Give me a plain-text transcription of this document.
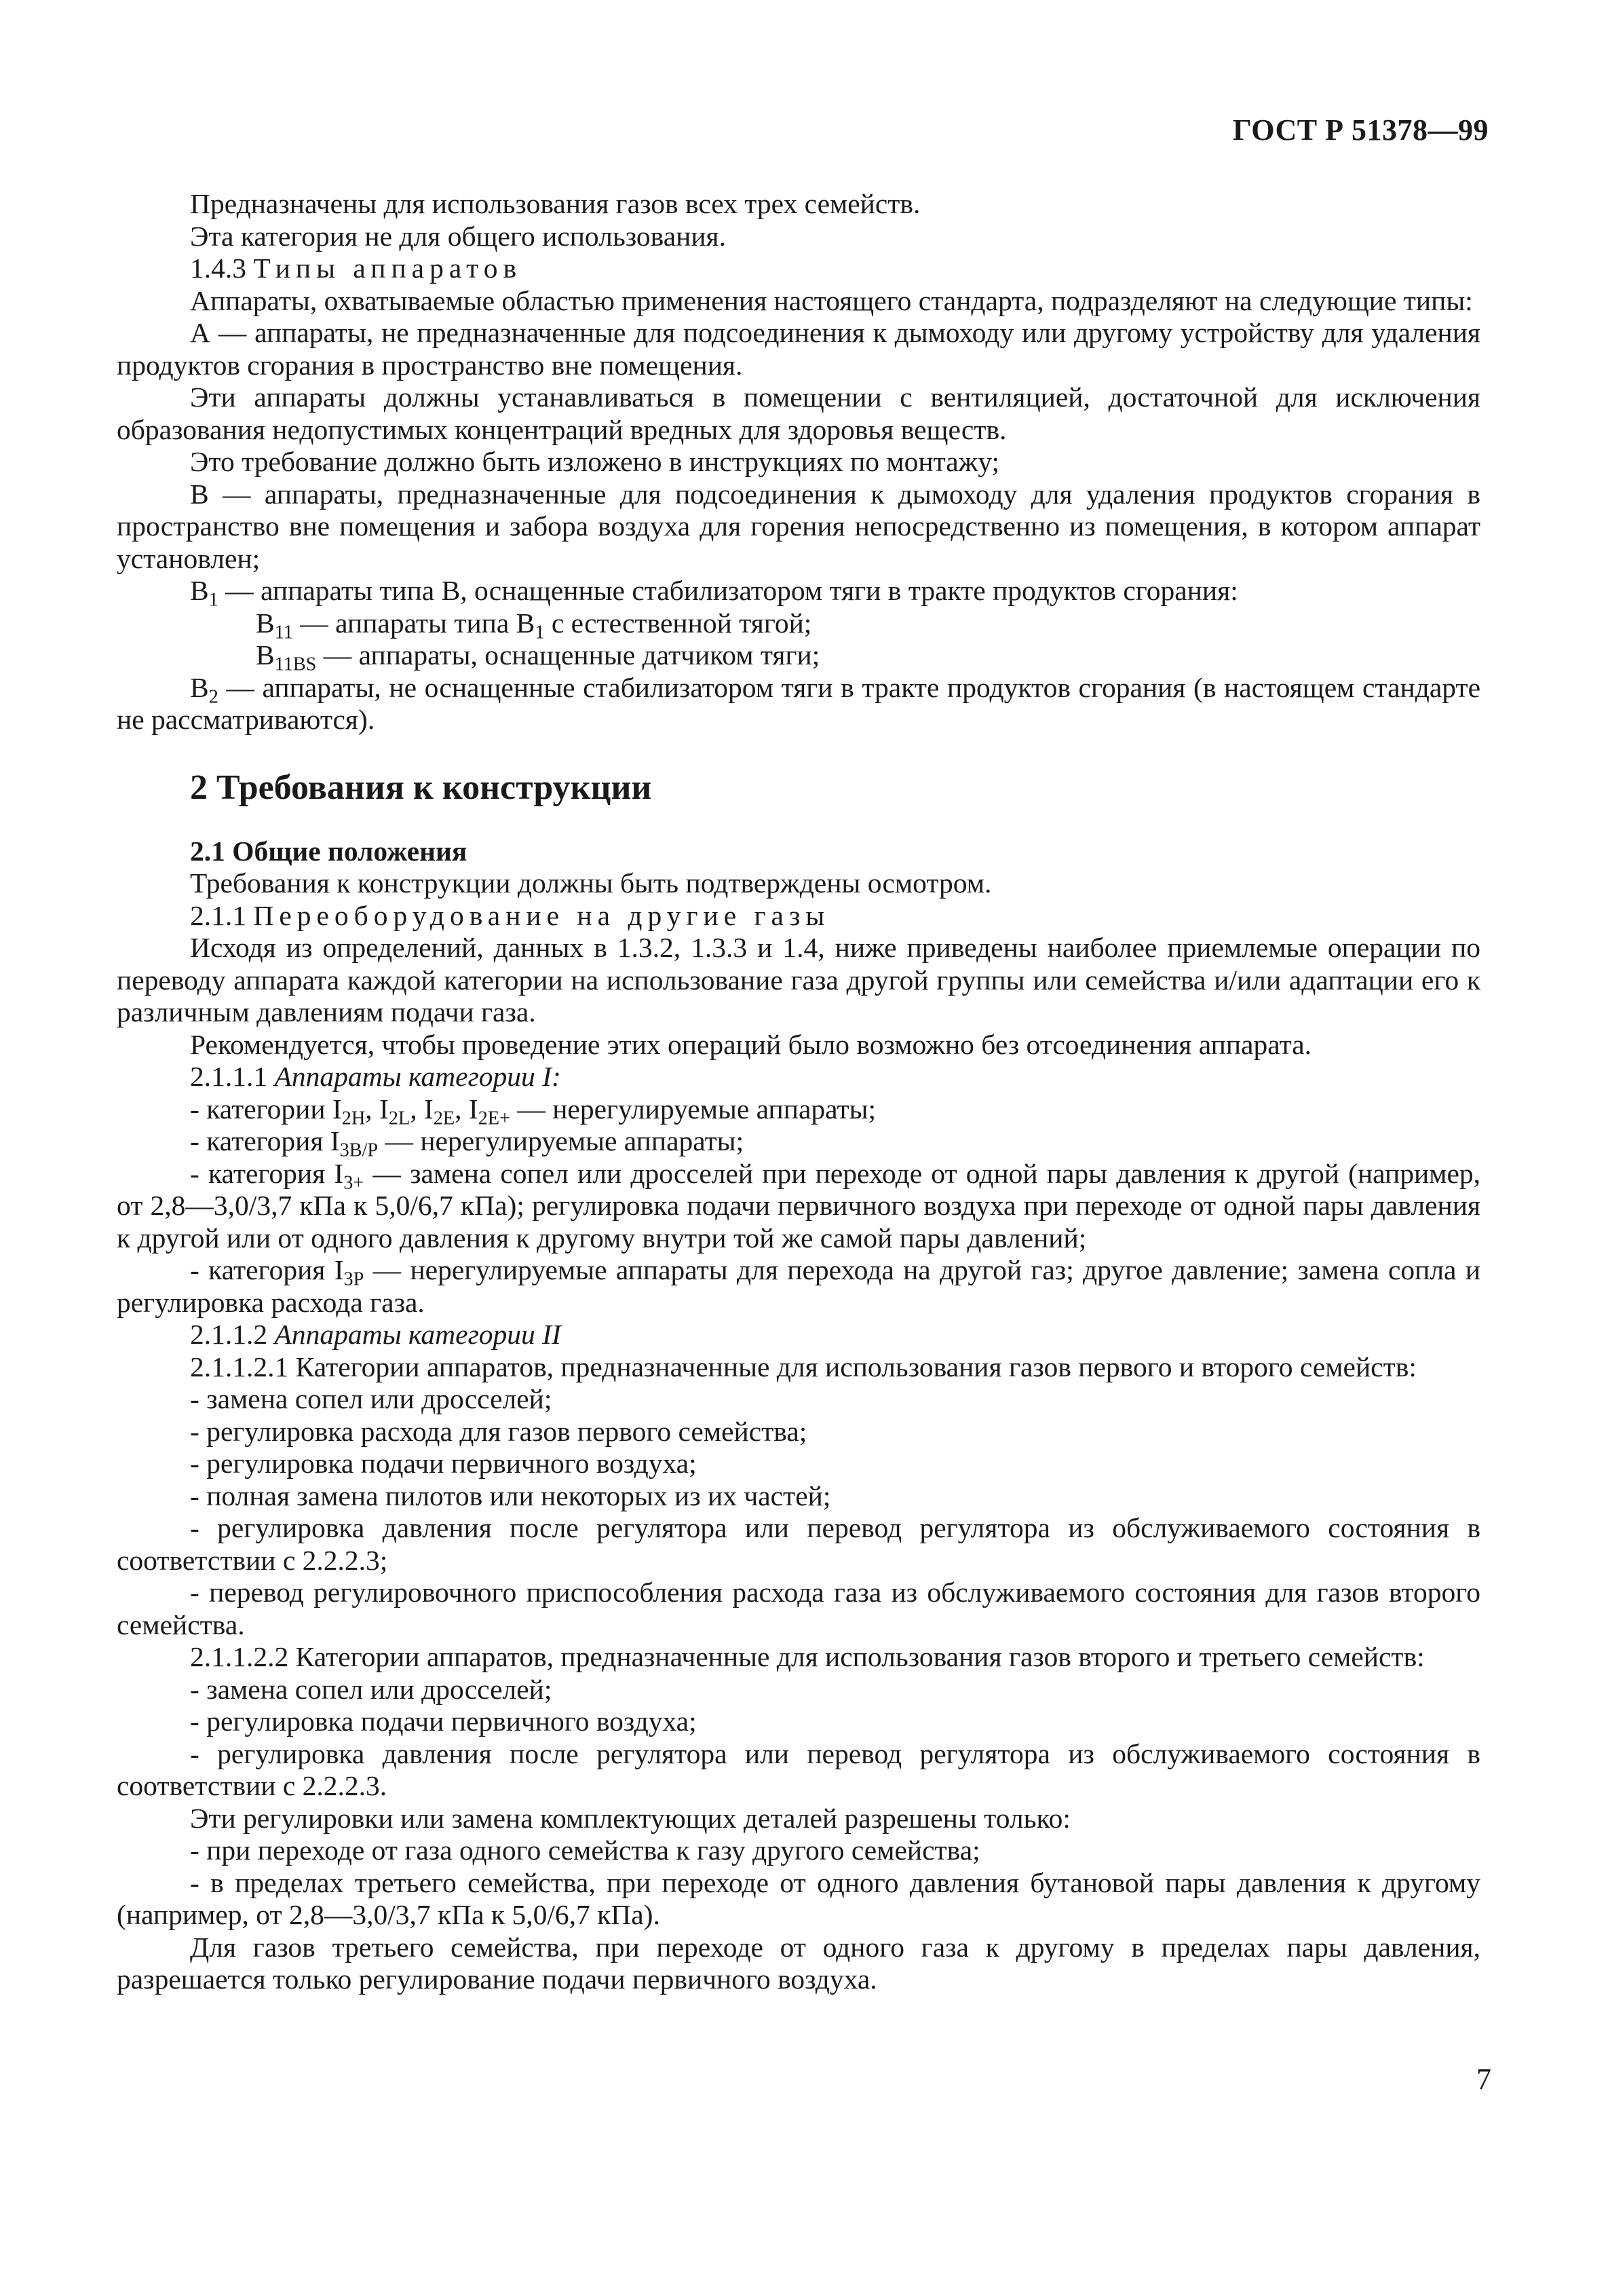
ГОСТ Р 51378—99

Предназначены для использования газов всех трех семейств.

Эта категория не для общего использования.

1.4.3 Типы аппаратов

Аппараты, охватываемые областью применения настоящего стандарта, подразделяют на следующие типы:

А — аппараты, не предназначенные для подсоединения к дымоходу или другому устройству для удаления продуктов сгорания в пространство вне помещения.

Эти аппараты должны устанавливаться в помещении с вентиляцией, достаточной для исключения образования недопустимых концентраций вредных для здоровья веществ.

Это требование должно быть изложено в инструкциях по монтажу;

В — аппараты, предназначенные для подсоединения к дымоходу для удаления продуктов сгорания в пространство вне помещения и забора воздуха для горения непосредственно из помещения, в котором аппарат установлен;

$В_1$ — аппараты типа В, оснащенные стабилизатором тяги в тракте продуктов сгорания:

$В_{11}$ — аппараты типа $В_1$ с естественной тягой;

$В_{11BS}$ — аппараты, оснащенные датчиком тяги;

$В_2$ — аппараты, не оснащенные стабилизатором тяги в тракте продуктов сгорания (в настоящем стандарте не рассматриваются).

2 Требования к конструкции

2.1 Общие положения

Требования к конструкции должны быть подтверждены осмотром.

2.1.1 Переоборудование на другие газы

Исходя из определений, данных в 1.3.2, 1.3.3 и 1.4, ниже приведены наиболее приемлемые операции по переводу аппарата каждой категории на использование газа другой группы или семейства и/или адаптации его к различным давлениям подачи газа.

Рекомендуется, чтобы проведение этих операций было возможно без отсоединения аппарата.

2.1.1.1 Аппараты категории I:

- категории $I_{2H}$, $I_{2L}$, $I_{2E}$, $I_{2E+}$ — нерегулируемые аппараты;

- категория $I_{3B/P}$ — нерегулируемые аппараты;

- категория $I_{3+}$ — замена сопел или дросселей при переходе от одной пары давления к другой (например, от 2,8—3,0/3,7 кПа к 5,0/6,7 кПа); регулировка подачи первичного воздуха при переходе от одной пары давления к другой или от одного давления к другому внутри той же самой пары давлений;

- категория $I_{3P}$ — нерегулируемые аппараты для перехода на другой газ; другое давление; замена сопла и регулировка расхода газа.

2.1.1.2 Аппараты категории II

2.1.1.2.1 Категории аппаратов, предназначенные для использования газов первого и второго семейств:

- замена сопел или дросселей;

- регулировка расхода для газов первого семейства;

- регулировка подачи первичного воздуха;

- полная замена пилотов или некоторых из их частей;

- регулировка давления после регулятора или перевод регулятора из обслуживаемого состояния в соответствии с 2.2.2.3;

- перевод регулировочного приспособления расхода газа из обслуживаемого состояния для газов второго семейства.

2.1.1.2.2 Категории аппаратов, предназначенные для использования газов второго и третьего семейств:

- замена сопел или дросселей;

- регулировка подачи первичного воздуха;

- регулировка давления после регулятора или перевод регулятора из обслуживаемого состояния в соответствии с 2.2.2.3.

Эти регулировки или замена комплектующих деталей разрешены только:

- при переходе от газа одного семейства к газу другого семейства;

- в пределах третьего семейства, при переходе от одного давления бутановой пары давления к другому (например, от 2,8—3,0/3,7 кПа к 5,0/6,7 кПа).

Для газов третьего семейства, при переходе от одного газа к другому в пределах пары давления, разрешается только регулирование подачи первичного воздуха.

7
